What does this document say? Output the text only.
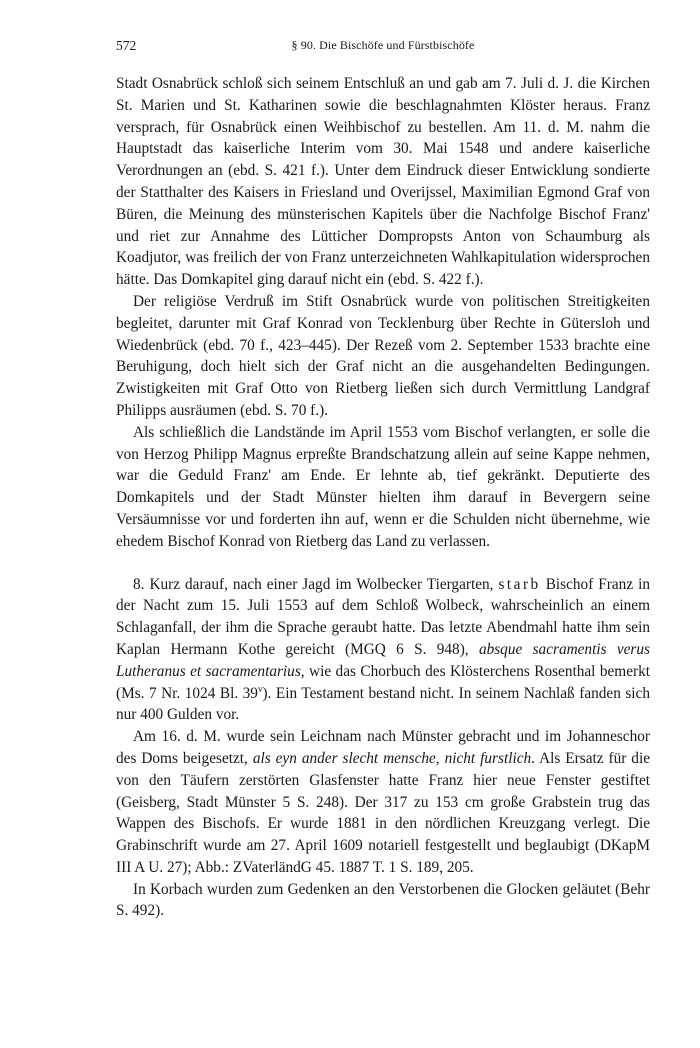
572	§ 90. Die Bischöfe und Fürstbischöfe

Stadt Osnabrück schloß sich seinem Entschluß an und gab am 7. Juli d. J. die Kirchen St. Marien und St. Katharinen sowie die beschlagnahmten Klöster heraus. Franz versprach, für Osnabrück einen Weihbischof zu bestellen. Am 11. d. M. nahm die Hauptstadt das kaiserliche Interim vom 30. Mai 1548 und andere kaiserliche Verordnungen an (ebd. S. 421 f.). Unter dem Eindruck dieser Entwicklung sondierte der Statthalter des Kaisers in Friesland und Overijssel, Maximilian Egmond Graf von Büren, die Meinung des münsterischen Kapitels über die Nachfolge Bischof Franz' und riet zur Annahme des Lütticher Dompropsts Anton von Schaumburg als Koadjutor, was freilich der von Franz unterzeichneten Wahlkapitulation widersprochen hätte. Das Domkapitel ging darauf nicht ein (ebd. S. 422 f.).

Der religiöse Verdruß im Stift Osnabrück wurde von politischen Streitigkeiten begleitet, darunter mit Graf Konrad von Tecklenburg über Rechte in Gütersloh und Wiedenbrück (ebd. 70 f., 423–445). Der Rezeß vom 2. September 1533 brachte eine Beruhigung, doch hielt sich der Graf nicht an die ausgehandelten Bedingungen. Zwistigkeiten mit Graf Otto von Rietberg ließen sich durch Vermittlung Landgraf Philipps ausräumen (ebd. S. 70 f.).

Als schließlich die Landstände im April 1553 vom Bischof verlangten, er solle die von Herzog Philipp Magnus erpreßte Brandschatzung allein auf seine Kappe nehmen, war die Geduld Franz' am Ende. Er lehnte ab, tief gekränkt. Deputierte des Domkapitels und der Stadt Münster hielten ihm darauf in Bevergern seine Versäumnisse vor und forderten ihn auf, wenn er die Schulden nicht übernehme, wie ehedem Bischof Konrad von Rietberg das Land zu verlassen.

8. Kurz darauf, nach einer Jagd im Wolbecker Tiergarten, starb Bischof Franz in der Nacht zum 15. Juli 1553 auf dem Schloß Wolbeck, wahrscheinlich an einem Schlaganfall, der ihm die Sprache geraubt hatte. Das letzte Abendmahl hatte ihm sein Kaplan Hermann Kothe gereicht (MGQ 6 S. 948), absque sacramentis verus Lutheranus et sacramentarius, wie das Chorbuch des Klösterchens Rosenthal bemerkt (Ms. 7 Nr. 1024 Bl. 39$^v$). Ein Testament bestand nicht. In seinem Nachlaß fanden sich nur 400 Gulden vor.

Am 16. d. M. wurde sein Leichnam nach Münster gebracht und im Johanneschor des Doms beigesetzt, als eyn ander slecht mensche, nicht furstlich. Als Ersatz für die von den Täufern zerstörten Glasfenster hatte Franz hier neue Fenster gestiftet (Geisberg, Stadt Münster 5 S. 248). Der 317 zu 153 cm große Grabstein trug das Wappen des Bischofs. Er wurde 1881 in den nördlichen Kreuzgang verlegt. Die Grabinschrift wurde am 27. April 1609 notariell festgestellt und beglaubigt (DKapM III A U. 27); Abb.: ZVaterländG 45. 1887 T. 1 S. 189, 205.

In Korbach wurden zum Gedenken an den Verstorbenen die Glocken geläutet (Behr S. 492).
